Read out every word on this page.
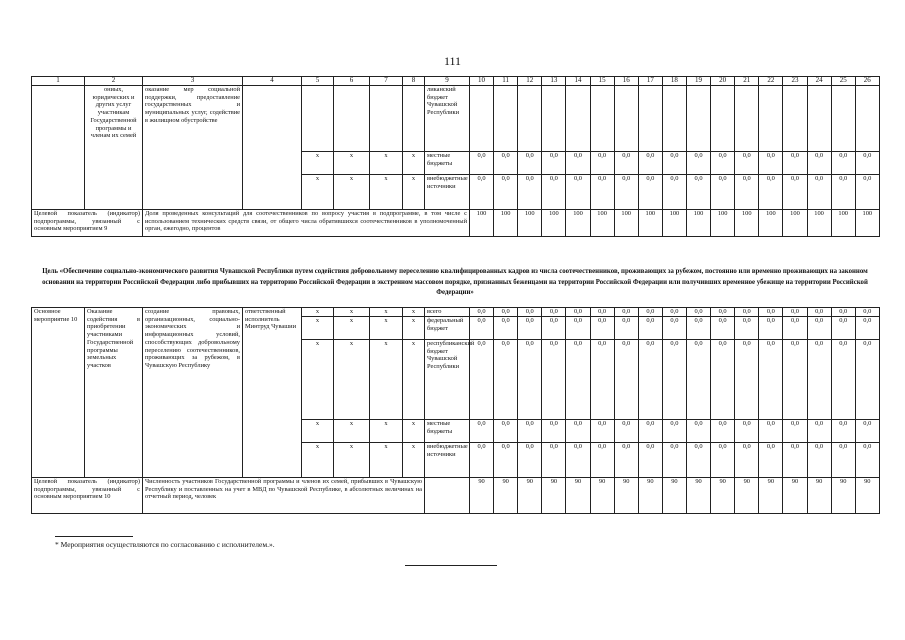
111
1	2	3	4	5	6	7	8	9	10	11	12	13	14	15	16	17	18	19	20	21	22	23	24	25	26
	ониых, юридических и других услуг участникам Государственной программы и членам их семей	оказание мер социальной поддержки, предоставление государственных и муниципальных услуг, содействие в жилищном обустройстве						ликанский бюджет Чувашской Республики																	
				x	x	x	x	местные бюджеты	0,0	0,0	0,0	0,0	0,0	0,0	0,0	0,0	0,0	0,0	0,0	0,0	0,0	0,0	0,0	0,0	0,0
				x	x	x	x	внебюджетные источники	0,0	0,0	0,0	0,0	0,0	0,0	0,0	0,0	0,0	0,0	0,0	0,0	0,0	0,0	0,0	0,0	0,0
Целевой показатель (индикатор) подпрограммы, увязанный с основным мероприятием 9		Доля проведенных консультаций для соотечественников по вопросу участия в подпрограмме, в том числе с использованием технических средств связи, от общего числа обратившихся соотечественников в уполномоченный орган, ежегодно, процентов							100	100	100	100	100	100	100	100	100	100	100	100	100	100	100	100	100
Цель «Обеспечение социально-экономического развития Чувашской Республики путем содействия добровольному переселению квалифицированных кадров из числа соотечественников, проживающих за рубежом, постоянно или временно проживающих на законном основании на территории Российской Федерации либо прибывших на территорию Российской Федерации в экстренном массовом порядке, признанных беженцами на территории Российской Федерации или получивших временное убежище на территории Российской Федерации»
Основное мероприятие 10	Оказание содействия в приобретении участниками Государственной программы земельных участков	создание правовых, организационных, социально-экономических и информационных условий, способствующих добровольному переселению соотечественников, проживающих за рубежом, в Чувашскую Республику	ответственный исполнитель Минтруд Чувашии	x	x	x	x	всего	0,0	0,0	0,0	0,0	0,0	0,0	0,0	0,0	0,0	0,0	0,0	0,0	0,0	0,0	0,0	0,0	0,0
				x	x	x	x	федеральный бюджет	0,0	0,0	0,0	0,0	0,0	0,0	0,0	0,0	0,0	0,0	0,0	0,0	0,0	0,0	0,0	0,0	0,0
				x	x	x	x	республиканский бюджет Чувашской Республики	0,0	0,0	0,0	0,0	0,0	0,0	0,0	0,0	0,0	0,0	0,0	0,0	0,0	0,0	0,0	0,0	0,0
				x	x	x	x	местные бюджеты	0,0	0,0	0,0	0,0	0,0	0,0	0,0	0,0	0,0	0,0	0,0	0,0	0,0	0,0	0,0	0,0	0,0
				x	x	x	x	внебюджетные источники	0,0	0,0	0,0	0,0	0,0	0,0	0,0	0,0	0,0	0,0	0,0	0,0	0,0	0,0	0,0	0,0	0,0
Целевой показатель (индикатор) подпрограммы, увязанный с основным мероприятием 10		Численность участников Государственной программы и членов их семей, прибывших в Чувашскую Республику и поставленных на учет в МВД по Чувашской Республике, в абсолютных величинах на отчетный период, человек							90	90	90	90	90	90	90	90	90	90	90	90	90	90	90	90	90
* Мероприятия осуществляются по согласованию с исполнителем.».
